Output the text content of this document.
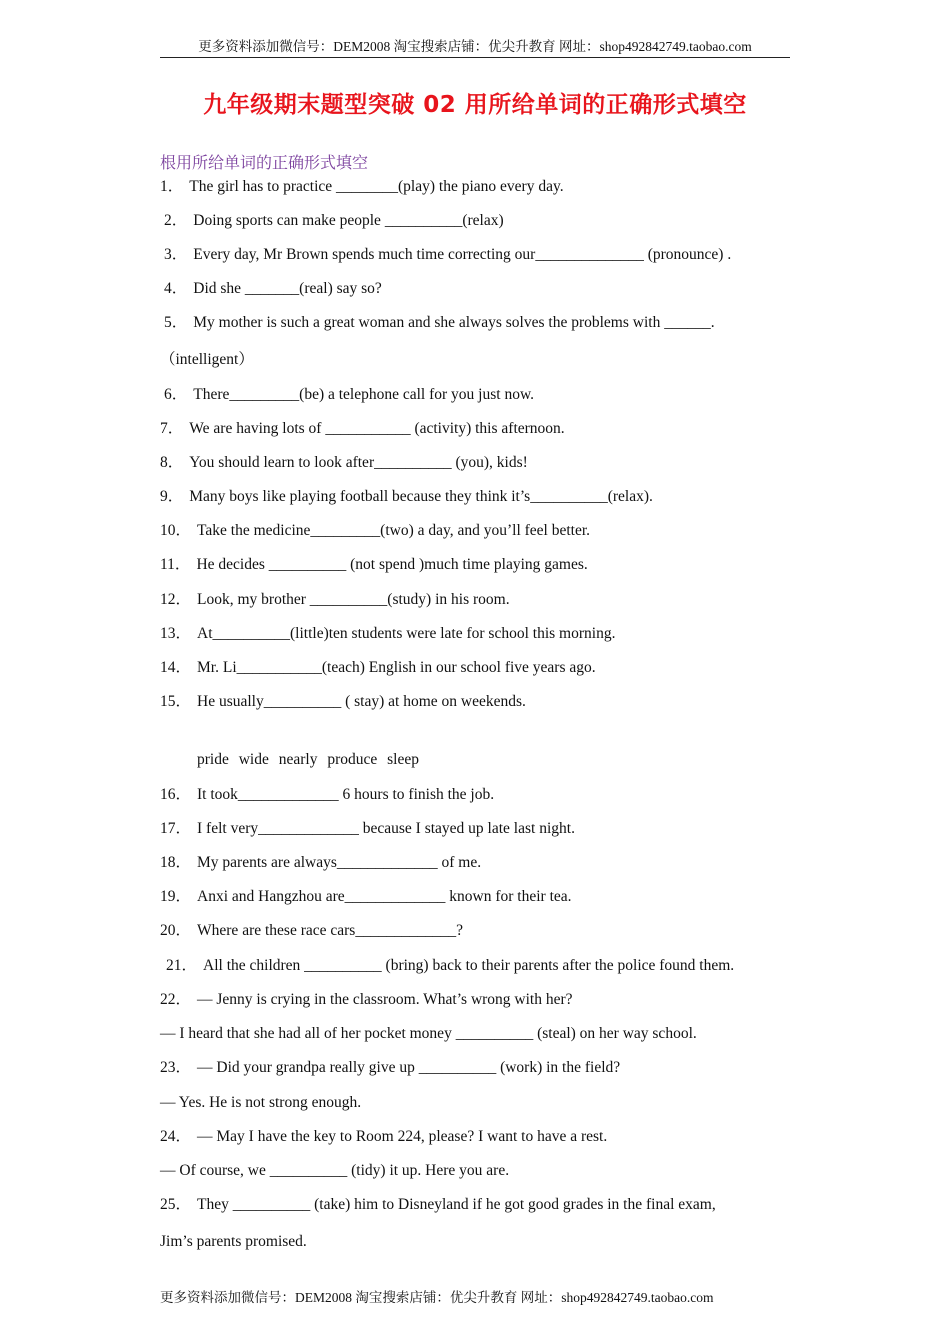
更多资料添加微信号：DEM2008 淘宝搜索店铺：优尖升教育 网址：shop492842749.taobao.com
九年级期末题型突破 02 用所给单词的正确形式填空
根用所给单词的正确形式填空
1． The girl has to practice ________(play) the piano every day.
2． Doing sports can make people __________(relax)
3． Every day, Mr Brown spends much time correcting our______________ (pronounce) .
4． Did she _______(real) say so?
5． My mother is such a great woman and she always solves the problems with ______.
（intelligent）
6． There_________(be) a telephone call for you just now.
7． We are having lots of ___________ (activity) this afternoon.
8． You should learn to look after__________ (you), kids!
9． Many boys like playing football because they think it’s__________(relax).
10． Take the medicine_________(two) a day, and you’ll feel better.
11． He decides __________ (not spend )much time playing games.
12． Look, my brother __________(study) in his room.
13． At__________(little)ten students were late for school this morning.
14． Mr. Li___________(teach) English in our school five years ago.
15． He usually__________ ( stay) at home on weekends.
pride wide nearly produce sleep
16． It took_____________ 6 hours to finish the job.
17． I felt very_____________ because I stayed up late last night.
18． My parents are always_____________ of me.
19． Anxi and Hangzhou are_____________ known for their tea.
20． Where are these race cars_____________?
21． All the children __________ (bring) back to their parents after the police found them.
22． — Jenny is crying in the classroom. What’s wrong with her?
— I heard that she had all of her pocket money __________ (steal) on her way school.
23． — Did your grandpa really give up __________ (work) in the field?
— Yes. He is not strong enough.
24． — May I have the key to Room 224, please? I want to have a rest.
— Of course, we __________ (tidy) it up. Here you are.
25． They __________ (take) him to Disneyland if he got good grades in the final exam,
Jim’s parents promised.
更多资料添加微信号：DEM2008 淘宝搜索店铺：优尖升教育 网址：shop492842749.taobao.com
